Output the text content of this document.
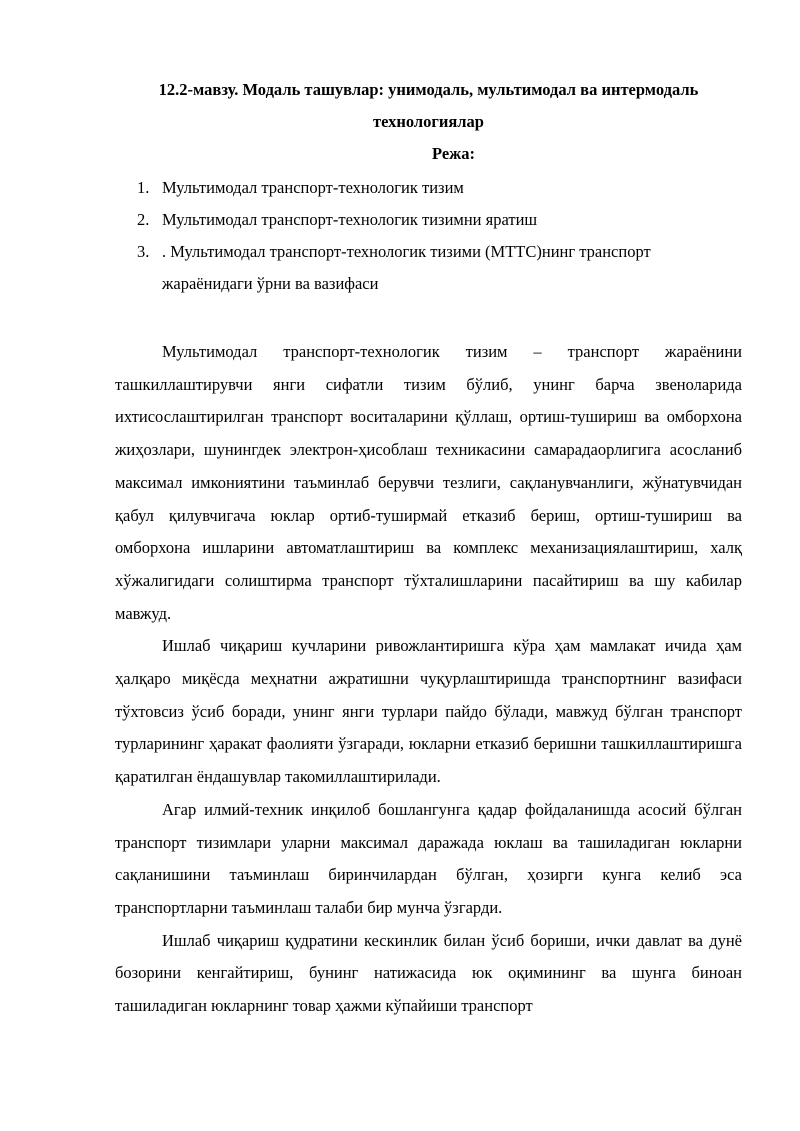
12.2-мавзу. Модаль ташувлар: унимодаль, мультимодал ва интермодаль технологиялар
Режа:
1. Мультимодал транспорт-технологик тизим
2. Мультимодал транспорт-технологик тизимни яратиш
3. . Мультимодал транспорт-технологик тизими (МТТС)нинг транспорт жараёнидаги ўрни ва вазифаси

Мультимодал транспорт-технологик тизим – транспорт жараёнини ташкиллаштирувчи янги сифатли тизим бўлиб, унинг барча звеноларида ихтисослаштирилган транспорт воситаларини қўллаш, ортиш-тушириш ва омборхона жиҳозлари, шунингдек электрон-ҳисоблаш техникасини самарадаорлигига асосланиб максимал имкониятини таъминлаб берувчи тезлиги, сақланувчанлиги, жўнатувчидан қабул қилувчигача юклар ортиб-туширмай етказиб бериш, ортиш-тушириш ва омборхона ишларини автоматлаштириш ва комплекс механизациялаштириш, халқ хўжалигидаги солиштирма транспорт тўхталишларини пасайтириш ва шу кабилар мавжуд.

Ишлаб чиқариш кучларини ривожлантиришга кўра ҳам мамлакат ичида ҳам ҳалқаро миқёсда меҳнатни ажратишни чуқурлаштиришда транспортнинг вазифаси тўхтовсиз ўсиб боради, унинг янги турлари пайдо бўлади, мавжуд бўлган транспорт турларининг ҳаракат фаолияти ўзгаради, юкларни етказиб беришни ташкиллаштиришга қаратилган ёндашувлар такомиллаштирилади.

Агар илмий-техник инқилоб бошлангунга қадар фойдаланишда асосий бўлган транспорт тизимлари уларни максимал даражада юклаш ва ташиладиган юкларни сақланишини таъминлаш биринчилардан бўлган, ҳозирги кунга келиб эса транспортларни таъминлаш талаби бир мунча ўзгарди.

Ишлаб чиқариш қудратини кескинлик билан ўсиб бориши, ички давлат ва дунё бозорини кенгайтириш, бунинг натижасида юк оқимининг ва шунга биноан ташиладиган юкларнинг товар ҳажми кўпайиши транспорт
